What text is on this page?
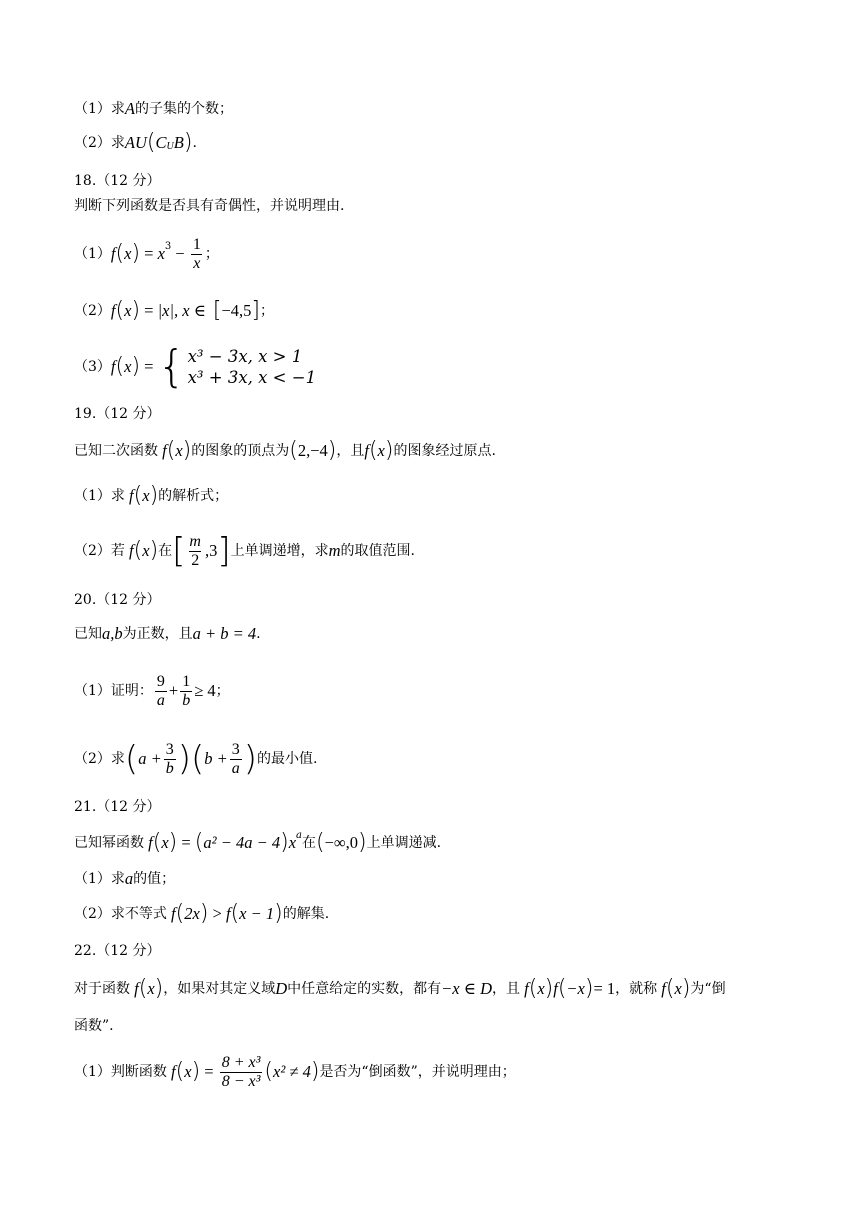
（1）求 A 的子集的个数；
（2）求 AU ( C U B ) .
18.（12 分）
判断下列函数是否具有奇偶性，并说明理由.
（1） f ( x ) = x $3 - \frac{1}{x}$ ；
（2） f ( x ) = |x|, x ∈ [ −4,5 ] ；
（3） f ( x ) = { x³ − 3x, x > 1
x³ + 3x, x < −1
19.（12 分）
已知二次函数 f ( x ) 的图象的顶点为 ( 2,−4 ) ，且 f ( x ) 的图象经过原点.
（1）求 f ( x ) 的解析式；
（2）若 f ( x ) 在 [ $\frac{m}{2} ,3$ ] 上单调递增，求 m 的取值范围.
20.（12 分）
已知 a,b 为正数，且 a + b = 4 .
（1）证明： $\frac{9}{a} + \frac{1}{b} \ge 4$ ；
（2）求 ( $a + \frac{3}{b}$ ) ( $b + \frac{3}{a}$ ) 的最小值.
21.（12 分）
已知幂函数 f ( x ) = ( a² − 4a − 4 ) x a 在 ( −∞,0 ) 上单调递减.
（1）求 a 的值；
（2）求不等式 f ( 2x ) > f ( x − 1 ) 的解集.
22.（12 分）
对于函数 f ( x ) ，如果对其定义域 D 中任意给定的实数，都有 −x ∈ D ，且 f ( x ) f ( −x ) = 1 ，就称 f ( x ) 为“倒
函数”.
（1）判断函数 f ( x ) = $\frac{\text{8 + x³}}{\text{8 − x³}}$ ( x² ≠ 4 ) 是否为“倒函数”，并说明理由；
